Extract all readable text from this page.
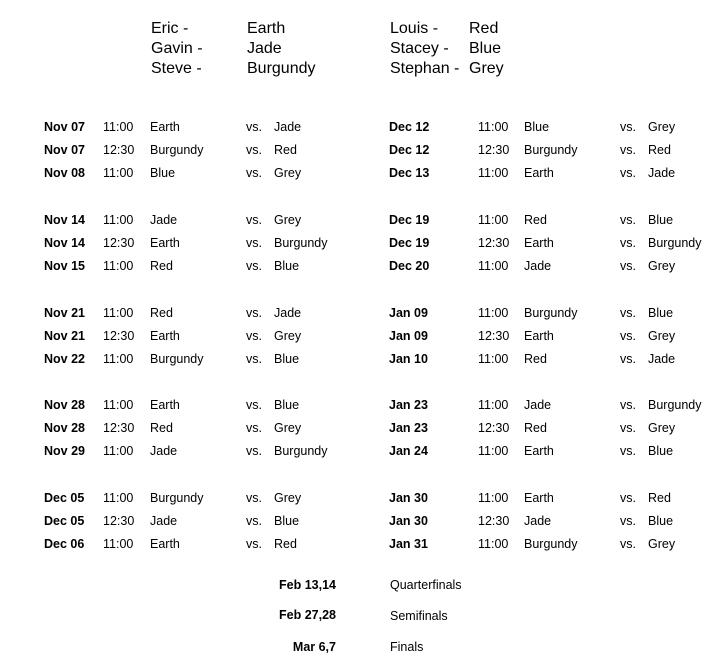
Eric -	Earth
Gavin -	Jade
Steve -	Burgundy
Louis - Red
Stacey - Blue
Stephan - Grey
Nov 07 11:00 Earth	vs. Jade
Nov 07 12:30 Burgundy	vs. Red
Nov 08 11:00 Blue	vs. Grey
Nov 14 11:00 Jade	vs. Grey
Nov 14 12:30 Earth	vs. Burgundy
Nov 15 11:00 Red	vs. Blue
Nov 21 11:00 Red	vs. Jade
Nov 21 12:30 Earth	vs. Grey
Nov 22 11:00 Burgundy	vs. Blue
Nov 28 11:00 Earth	vs. Blue
Nov 28 12:30 Red	vs. Grey
Nov 29 11:00 Jade	vs. Burgundy
Dec 05 11:00 Burgundy	vs. Grey
Dec 05 12:30 Jade	vs. Blue
Dec 06 11:00 Earth	vs. Red
Dec 12	11:00 Blue	vs. Grey
Dec 12	12:30 Burgundy	vs. Red
Dec 13	11:00 Earth	vs. Jade
Dec 19	11:00 Red	vs. Blue
Dec 19	12:30 Earth	vs. Burgundy
Dec 20	11:00 Jade	vs. Grey
Jan 09	11:00 Burgundy	vs. Blue
Jan 09	12:30 Earth	vs. Grey
Jan 10	11:00 Red	vs. Jade
Jan 23	11:00 Jade	vs. Burgundy
Jan 23	12:30 Red	vs. Grey
Jan 24	11:00 Earth	vs. Blue
Jan 30	11:00 Earth	vs. Red
Jan 30	12:30 Jade	vs. Blue
Jan 31	11:00 Burgundy	vs. Grey
Feb 13,14	Quarterfinals
Feb 27,28	Semifinals
Mar 6,7	Finals
